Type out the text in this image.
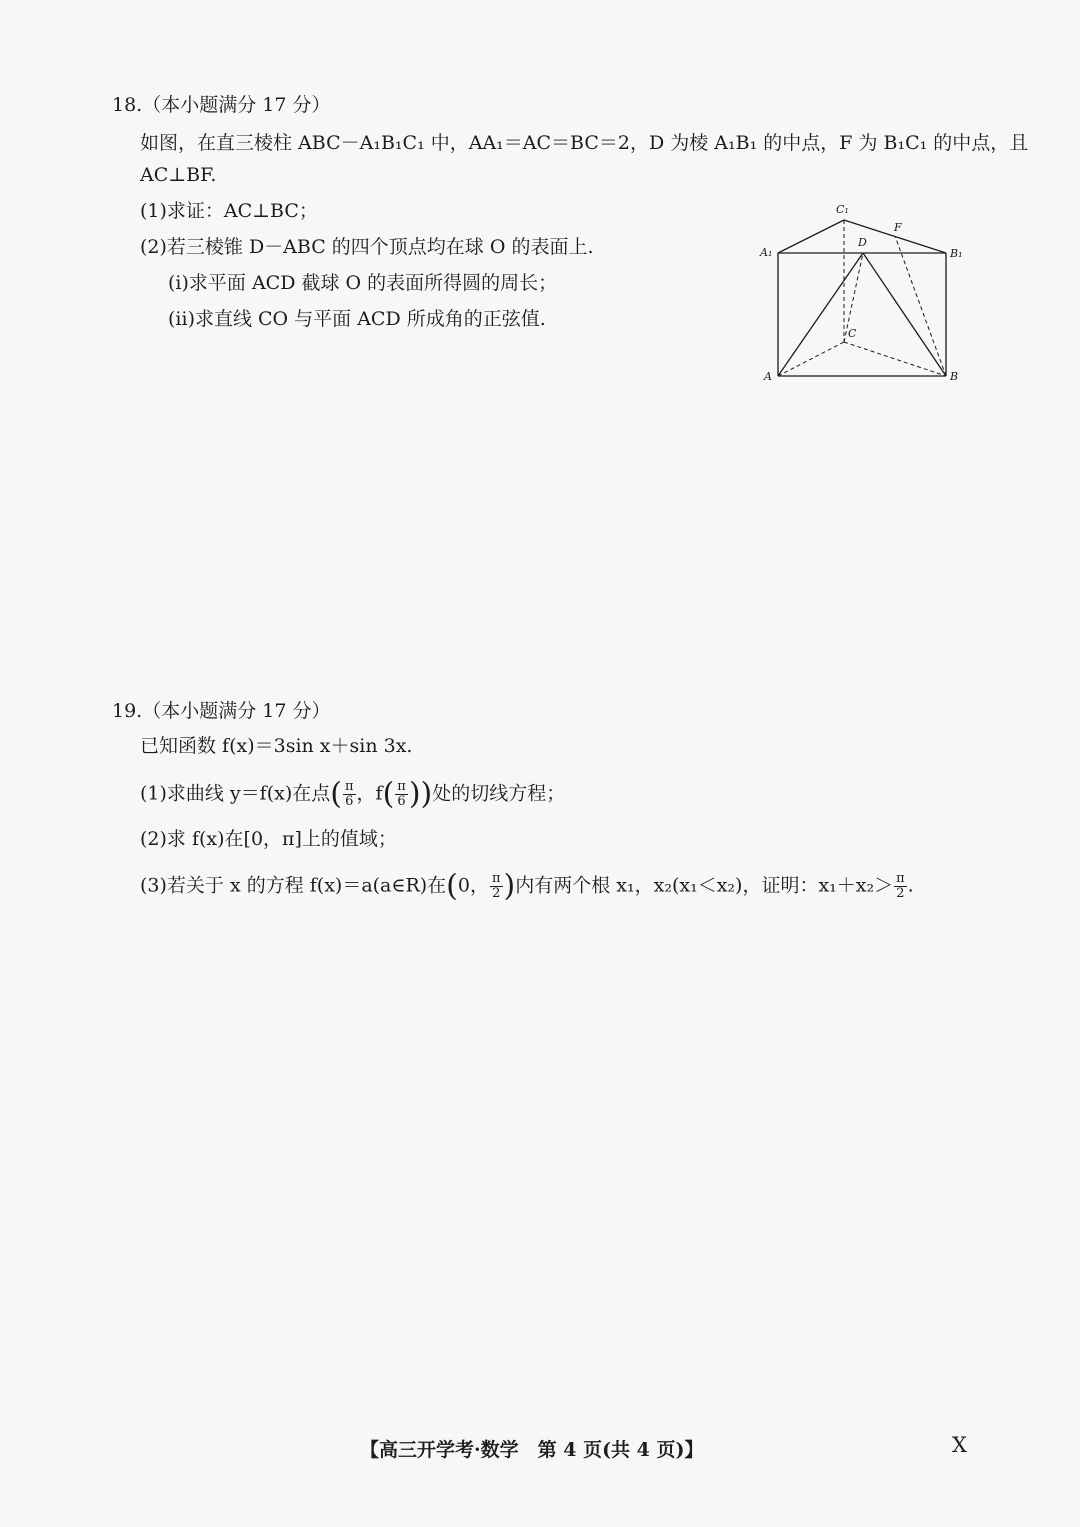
18.（本小题满分 17 分）
如图，在直三棱柱 ABC－A₁B₁C₁ 中，AA₁＝AC＝BC＝2，D 为棱 A₁B₁ 的中点，F 为 B₁C₁ 的中点，且
AC⊥BF.
(1)求证：AC⊥BC；
(2)若三棱锥 D－ABC 的四个顶点均在球 O 的表面上.
(ⅰ)求平面 ACD 截球 O 的表面所得圆的周长；
(ⅱ)求直线 CO 与平面 ACD 所成角的正弦值.
C₁
A₁	B₁
D
F
C
A	B
19.（本小题满分 17 分）
已知函数 f(x)＝3sin x＋sin 3x.
(1)求曲线 y＝f(x)在点( $\frac{\pi}{6}$ ，$f( \frac{\pi}{6}$ ))处的切线方程；
(2)求 f(x)在[0，π]上的值域；
(3)若关于 x 的方程 f(x)＝a(a∈R)在(0， $\frac{\pi}{2}$ )内有两个根 x₁，x₂(x₁＜x₂)，证明：$x_1+x_2> \frac{\pi}{2}$ .
【高三开学考·数学　第 4 页(共 4 页)】	X
